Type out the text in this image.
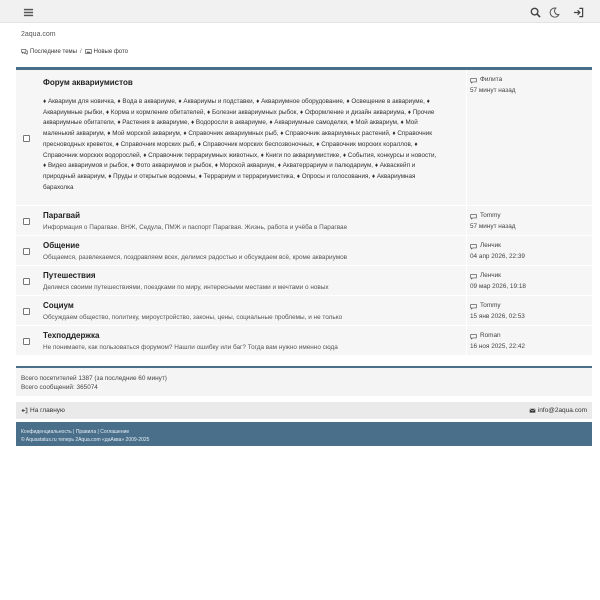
2aqua.com
Последние темы / Новые фото
Форум аквариумистов
♦ Аквариум для новичка, ♦ Вода в аквариуме, ♦ Аквариумы и подставки, ♦ Аквариумное оборудование, ♦ Освещение в аквариуме, ♦ Аквариумные рыбки, ♦ Корма и кормление обитателей, ♦ Болезни аквариумных рыбок, ♦ Оформление и дизайн аквариума, ♦ Прочие аквариумные обитатели, ♦ Растения в аквариуме, ♦ Водоросли в аквариуме, ♦ Аквариумные самоделки, ♦ Мой аквариум, ♦ Мой маленький аквариум, ♦ Мой морской аквариум, ♦ Справочник аквариумных рыб, ♦ Справочник аквариумных растений, ♦ Справочник пресноводных креветок, ♦ Справочник морских рыб, ♦ Справочник морских беспозвоночных, ♦ Справочник морских кораллов, ♦ Справочник морских водорослей, ♦ Справочник террариумных животных, ♦ Книги по аквариумистике, ♦ События, конкурсы и новости, ♦ Видео аквариумов и рыбок, ♦ Фото аквариумов и рыбок, ♦ Морской аквариум, ♦ Акватеррариум и палюдариум, ♦ Аквaскейп и природный аквариум, ♦ Пруды и открытые водоемы, ♦ Террариум и террариумистика, ♦ Опросы и голосования, ♦ Аквариумная барахолка
Филита
57 минут назад
Парагвай
Информация о Парагвае. ВНЖ, Седула, ПМЖ и паспорт Парагвая. Жизнь, работа и учёба в Парагвае
Tommy
57 минут назад
Общение
Общаемся, развлекаемся, поздравляем всех, делимся радостью и обсуждаем всё, кроме аквариумов
Ленчик
04 апр 2026, 22:39
Путешествия
Делимся своими путешествиями, поездками по миру, интересными местами и мечтами о новых
Ленчик
09 мар 2026, 19:18
Социум
Обсуждаем общество, политику, мироустройство, законы, цены, социальные проблемы, и не только
Tommy
15 янв 2026, 02:53
Техподдержка
Не понимаете, как пользоваться форумом? Нашли ошибку или баг? Тогда вам нужно именно сюда
Roman
16 ноя 2025, 22:42
Всего посетителей 1387 (за последние 60 минут)
Всего сообщений: 365074
На главную	info@2aqua.com
Конфиденциальность | Правила | Соглашение
© Aquastatus.ru теперь 2Aqua.com «даАква» 2009-2025
